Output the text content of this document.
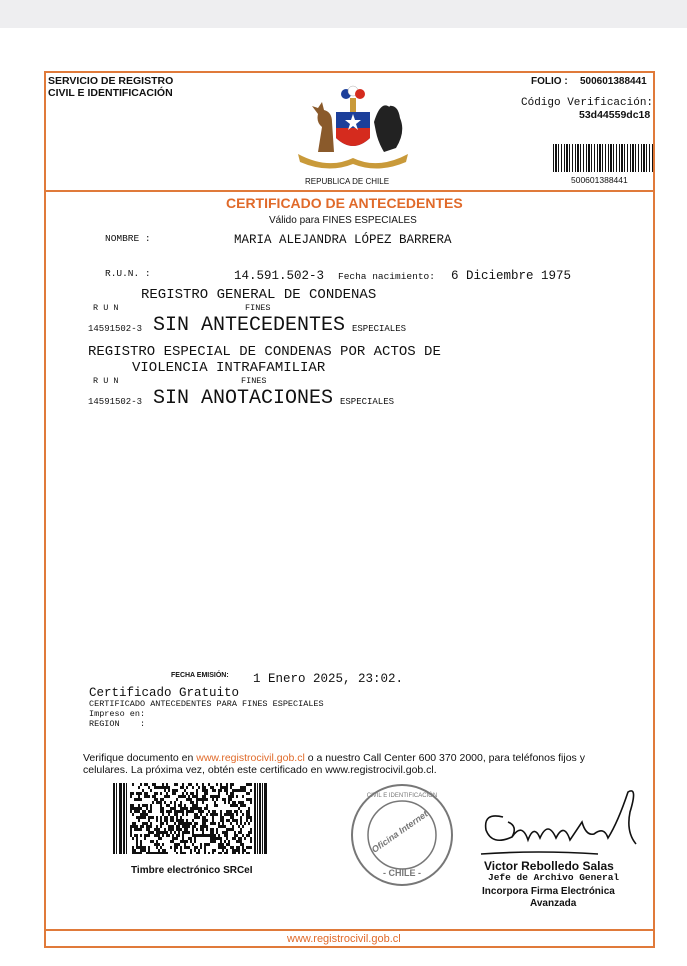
SERVICIO DE REGISTRO
CIVIL E IDENTIFICACIÓN
REPUBLICA DE CHILE
FOLIO : 500601388441
Código Verificación:
53d44559dc18
500601388441
CERTIFICADO DE ANTECEDENTES
Válido para FINES ESPECIALES
NOMBRE :	MARIA ALEJANDRA LÓPEZ BARRERA
R.U.N. :	14.591.502-3 Fecha nacimiento: 6 Diciembre 1975
REGISTRO GENERAL DE CONDENAS
R U N	FINES
14591502-3 SIN ANTECEDENTES ESPECIALES
REGISTRO ESPECIAL DE CONDENAS POR ACTOS DE
VIOLENCIA INTRAFAMILIAR
R U N	FINES
14591502-3 SIN ANOTACIONES ESPECIALES
FECHA EMISIÓN: 1 Enero 2025, 23:02.
Certificado Gratuito
CERTIFICADO ANTECEDENTES PARA FINES ESPECIALES
Impreso en:
REGION    :
Verifique documento en www.registrocivil.gob.cl o a nuestro Call Center 600 370 2000, para teléfonos fijos y
celulares. La próxima vez, obtén este certificado en www.registrocivil.gob.cl.
Timbre electrónico SRCeI
Oficina Internet
- CHILE -
CIVIL E IDENTIFICACIÓN
Victor Rebolledo Salas
Jefe de Archivo General
Incorpora Firma Electrónica
Avanzada
www.registrocivil.gob.cl
